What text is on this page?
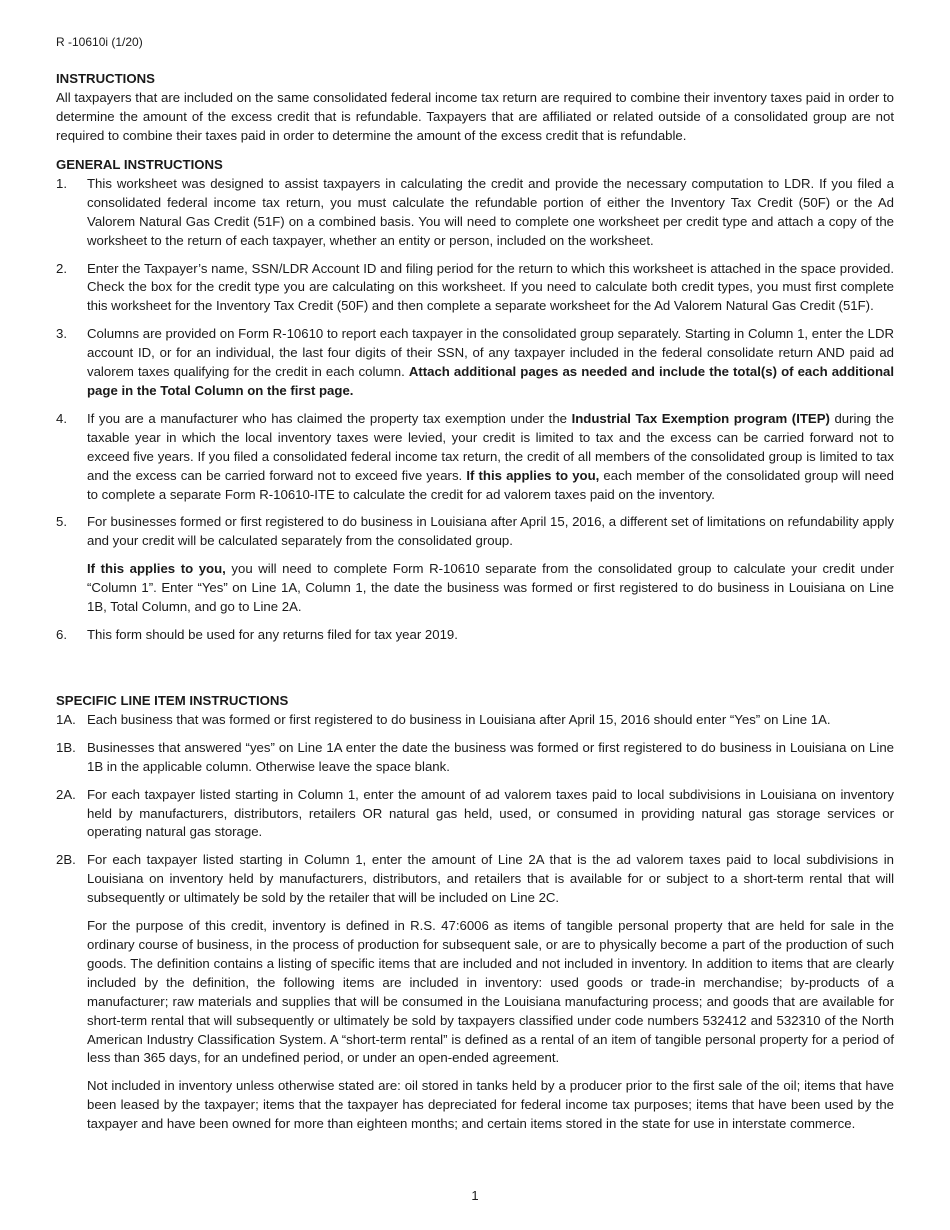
R -10610i (1/20)

INSTRUCTIONS

All taxpayers that are included on the same consolidated federal income tax return are required to combine their inventory taxes paid in order to determine the amount of the excess credit that is refundable. Taxpayers that are affiliated or related outside of a consolidated group are not required to combine their taxes paid in order to determine the amount of the excess credit that is refundable.

GENERAL INSTRUCTIONS

1. This worksheet was designed to assist taxpayers in calculating the credit and provide the necessary computation to LDR. If you filed a consolidated federal income tax return, you must calculate the refundable portion of either the Inventory Tax Credit (50F) or the Ad Valorem Natural Gas Credit (51F) on a combined basis. You will need to complete one worksheet per credit type and attach a copy of the worksheet to the return of each taxpayer, whether an entity or person, included on the worksheet.
2. Enter the Taxpayer’s name, SSN/LDR Account ID and filing period for the return to which this worksheet is attached in the space provided. Check the box for the credit type you are calculating on this worksheet. If you need to calculate both credit types, you must first complete this worksheet for the Inventory Tax Credit (50F) and then complete a separate worksheet for the Ad Valorem Natural Gas Credit (51F).
3. Columns are provided on Form R-10610 to report each taxpayer in the consolidated group separately. Starting in Column 1, enter the LDR account ID, or for an individual, the last four digits of their SSN, of any taxpayer included in the federal consolidate return AND paid ad valorem taxes qualifying for the credit in each column. Attach additional pages as needed and include the total(s) of each additional page in the Total Column on the first page.
4. If you are a manufacturer who has claimed the property tax exemption under the Industrial Tax Exemption program (ITEP) during the taxable year in which the local inventory taxes were levied, your credit is limited to tax and the excess can be carried forward not to exceed five years. If you filed a consolidated federal income tax return, the credit of all members of the consolidated group is limited to tax and the excess can be carried forward not to exceed five years. If this applies to you, each member of the consolidated group will need to complete a separate Form R-10610-ITE to calculate the credit for ad valorem taxes paid on the inventory.
5. For businesses formed or first registered to do business in Louisiana after April 15, 2016, a different set of limitations on refundability apply and your credit will be calculated separately from the consolidated group.
If this applies to you, you will need to complete Form R-10610 separate from the consolidated group to calculate your credit under “Column 1”. Enter “Yes” on Line 1A, Column 1, the date the business was formed or first registered to do business in Louisiana on Line 1B, Total Column, and go to Line 2A.
6. This form should be used for any returns filed for tax year 2019.

SPECIFIC LINE ITEM INSTRUCTIONS

1A. Each business that was formed or first registered to do business in Louisiana after April 15, 2016 should enter “Yes” on Line 1A.
1B. Businesses that answered “yes” on Line 1A enter the date the business was formed or first registered to do business in Louisiana on Line 1B in the applicable column. Otherwise leave the space blank.
2A. For each taxpayer listed starting in Column 1, enter the amount of ad valorem taxes paid to local subdivisions in Louisiana on inventory held by manufacturers, distributors, retailers OR natural gas held, used, or consumed in providing natural gas storage services or operating natural gas storage.
2B. For each taxpayer listed starting in Column 1, enter the amount of Line 2A that is the ad valorem taxes paid to local subdivisions in Louisiana on inventory held by manufacturers, distributors, and retailers that is available for or subject to a short-term rental that will subsequently or ultimately be sold by the retailer that will be included on Line 2C.
For the purpose of this credit, inventory is defined in R.S. 47:6006 as items of tangible personal property that are held for sale in the ordinary course of business, in the process of production for subsequent sale, or are to physically become a part of the production of such goods. The definition contains a listing of specific items that are included and not included in inventory. In addition to items that are clearly included by the definition, the following items are included in inventory: used goods or trade-in merchandise; by-products of a manufacturer; raw materials and supplies that will be consumed in the Louisiana manufacturing process; and goods that are available for short-term rental that will subsequently or ultimately be sold by taxpayers classified under code numbers 532412 and 532310 of the North American Industry Classification System. A “short-term rental” is defined as a rental of an item of tangible personal property for a period of less than 365 days, for an undefined period, or under an open-ended agreement.
Not included in inventory unless otherwise stated are: oil stored in tanks held by a producer prior to the first sale of the oil; items that have been leased by the taxpayer; items that the taxpayer has depreciated for federal income tax purposes; items that have been used by the taxpayer and have been owned for more than eighteen months; and certain items stored in the state for use in interstate commerce.
1
